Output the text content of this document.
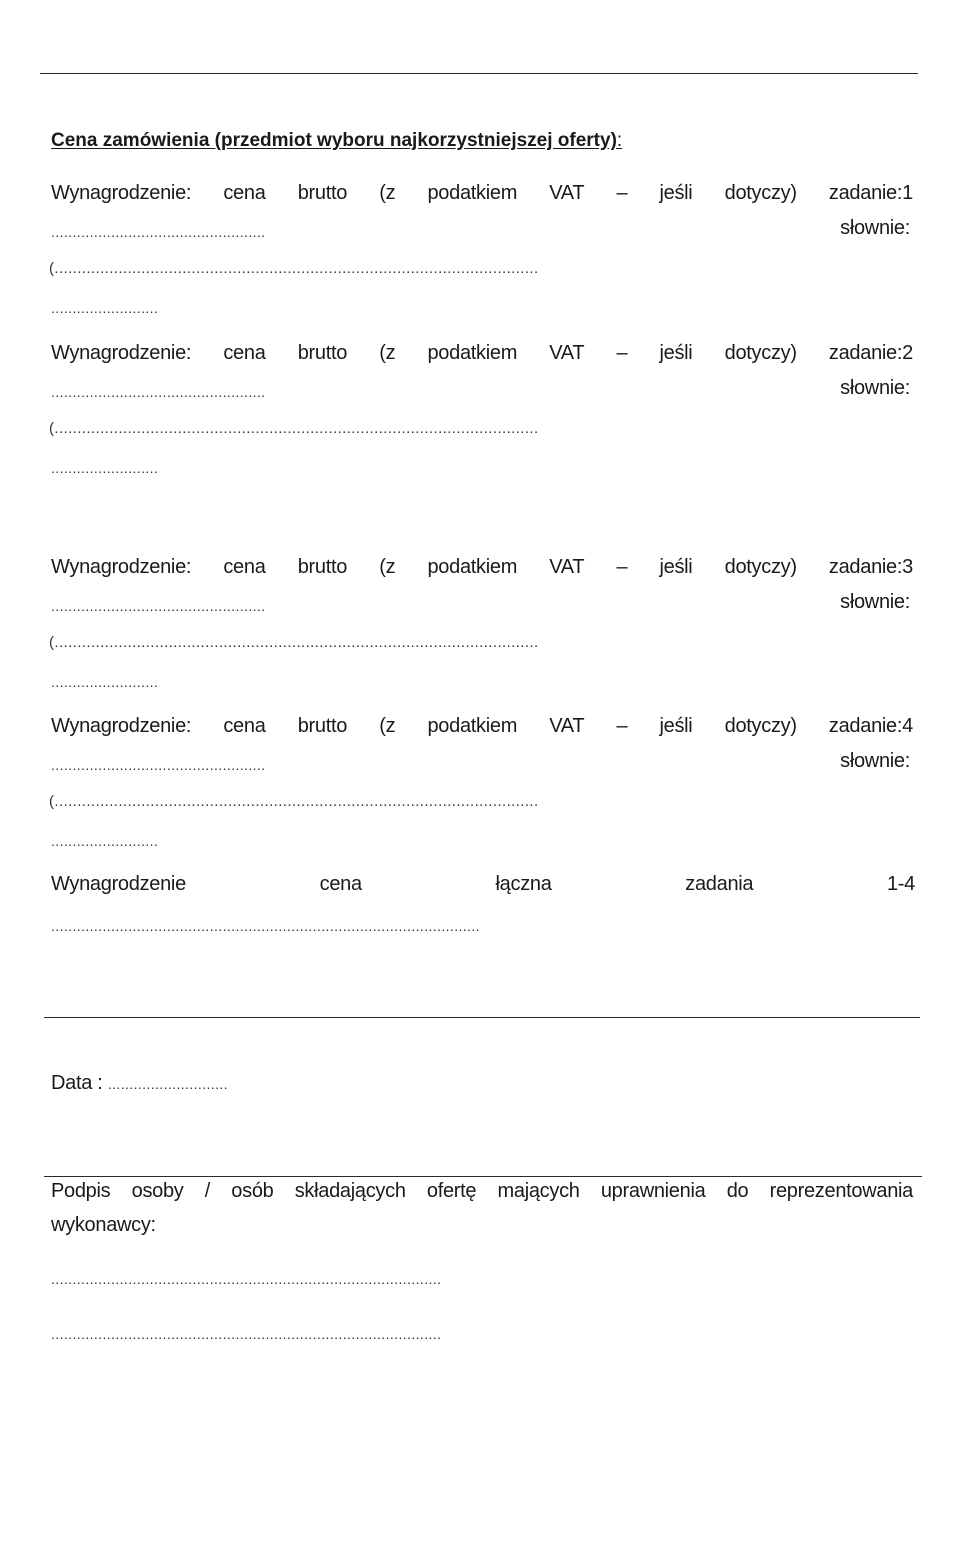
Cena zamówienia (przedmiot wyboru najkorzystniejszej oferty):
Wynagrodzenie: cena brutto (z podatkiem VAT – jeśli dotyczy) zadanie:1
..................................................	słownie:
(..........................................................................................................
.........................
Wynagrodzenie: cena brutto (z podatkiem VAT – jeśli dotyczy) zadanie:2
..................................................	słownie:
(..........................................................................................................
.........................
Wynagrodzenie: cena brutto (z podatkiem VAT – jeśli dotyczy) zadanie:3
..................................................	słownie:
(..........................................................................................................
.........................
Wynagrodzenie: cena brutto (z podatkiem VAT – jeśli dotyczy) zadanie:4
..................................................	słownie:
(..........................................................................................................
.........................
Wynagrodzenie	cena	łączna	zadania	1-4
....................................................................................................
Data : ............................
Podpis osoby / osób składających ofertę mających uprawnienia do reprezentowania
wykonawcy:
...........................................................................................
...........................................................................................
